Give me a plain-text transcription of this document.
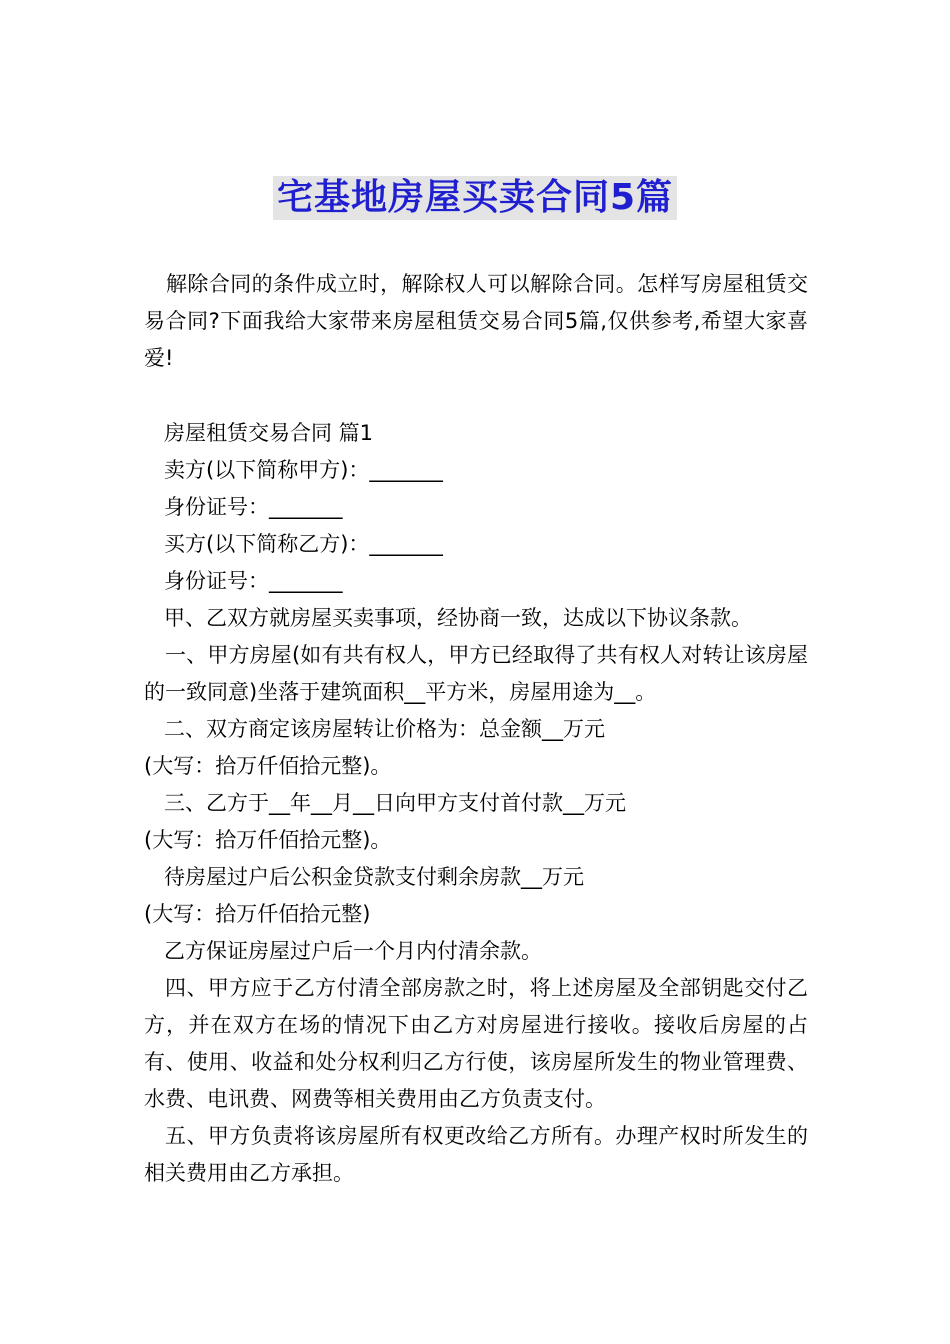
宅基地房屋买卖合同5篇

解除合同的条件成立时，解除权人可以解除合同。怎样写房屋租赁交易合同?下面我给大家带来房屋租赁交易合同5篇,仅供参考,希望大家喜爱!

房屋租赁交易合同 篇1

卖方(以下简称甲方)：_______

身份证号：_______

买方(以下简称乙方)：_______

身份证号：_______

甲、乙双方就房屋买卖事项，经协商一致，达成以下协议条款。

一、甲方房屋(如有共有权人，甲方已经取得了共有权人对转让该房屋的一致同意)坐落于建筑面积__平方米，房屋用途为__。

二、双方商定该房屋转让价格为：总金额__万元

(大写：拾万仟佰拾元整)。

三、乙方于__年__月__日向甲方支付首付款__万元

(大写：拾万仟佰拾元整)。

待房屋过户后公积金贷款支付剩余房款__万元

(大写：拾万仟佰拾元整)

乙方保证房屋过户后一个月内付清余款。

四、甲方应于乙方付清全部房款之时，将上述房屋及全部钥匙交付乙方，并在双方在场的情况下由乙方对房屋进行接收。接收后房屋的占有、使用、收益和处分权利归乙方行使，该房屋所发生的物业管理费、水费、电讯费、网费等相关费用由乙方负责支付。

五、甲方负责将该房屋所有权更改给乙方所有。办理产权时所发生的相关费用由乙方承担。
